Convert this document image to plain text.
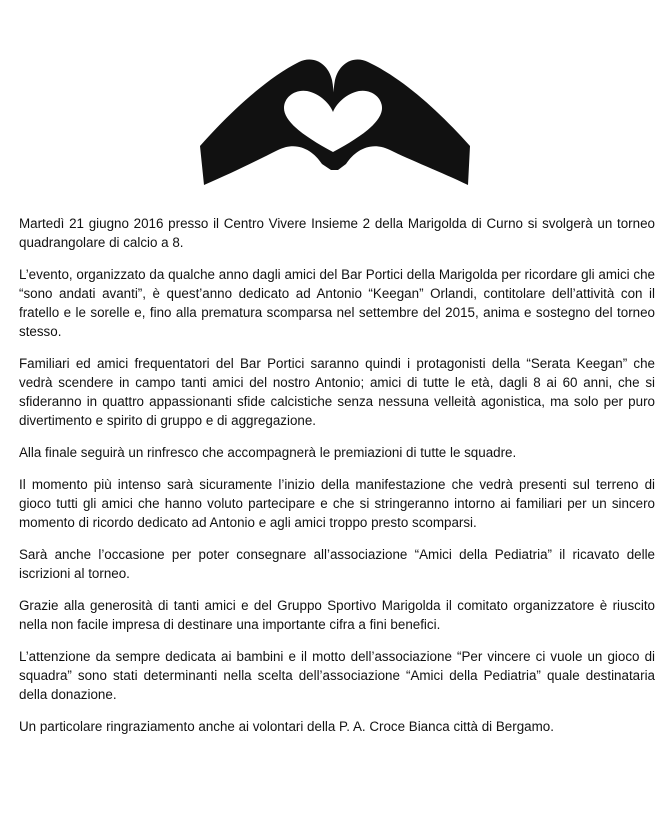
Martedì 21 giugno 2016 presso il Centro Vivere Insieme 2 della Marigolda di Curno si svolgerà un torneo quadrangolare di calcio a 8.

L’evento, organizzato da qualche anno dagli amici del Bar Portici della Marigolda per ricordare gli amici che “sono andati avanti”, è quest’anno dedicato ad Antonio “Keegan” Orlandi, contitolare dell’attività con il fratello e le sorelle e, fino alla prematura scomparsa nel settembre del 2015, anima e sostegno del torneo stesso.

Familiari ed amici frequentatori del Bar Portici saranno quindi i protagonisti della “Serata Keegan” che vedrà scendere in campo tanti amici del nostro Antonio; amici di tutte le età, dagli 8 ai 60 anni, che si sfideranno in quattro appassionanti sfide calcistiche senza nessuna velleità agonistica, ma solo per puro divertimento e spirito di gruppo e di aggregazione.

Alla finale seguirà un rinfresco che accompagnerà le premiazioni di tutte le squadre.

Il momento più intenso sarà sicuramente l’inizio della manifestazione che vedrà presenti sul terreno di gioco tutti gli amici che hanno voluto partecipare e che si stringeranno intorno ai familiari per un sincero momento di ricordo dedicato ad Antonio e agli amici troppo presto scomparsi.

Sarà anche l’occasione per poter consegnare all’associazione “Amici della Pediatria” il ricavato delle iscrizioni al torneo.

Grazie alla generosità di tanti amici e del Gruppo Sportivo Marigolda il comitato organizzatore è riuscito nella non facile impresa di destinare una importante cifra a fini benefici.

L’attenzione da sempre dedicata ai bambini e il motto dell’associazione “Per vincere ci vuole un gioco di squadra” sono stati determinanti nella scelta dell’associazione “Amici della Pediatria” quale destinataria della donazione.

Un particolare ringraziamento anche ai volontari della P. A. Croce Bianca città di Bergamo.
